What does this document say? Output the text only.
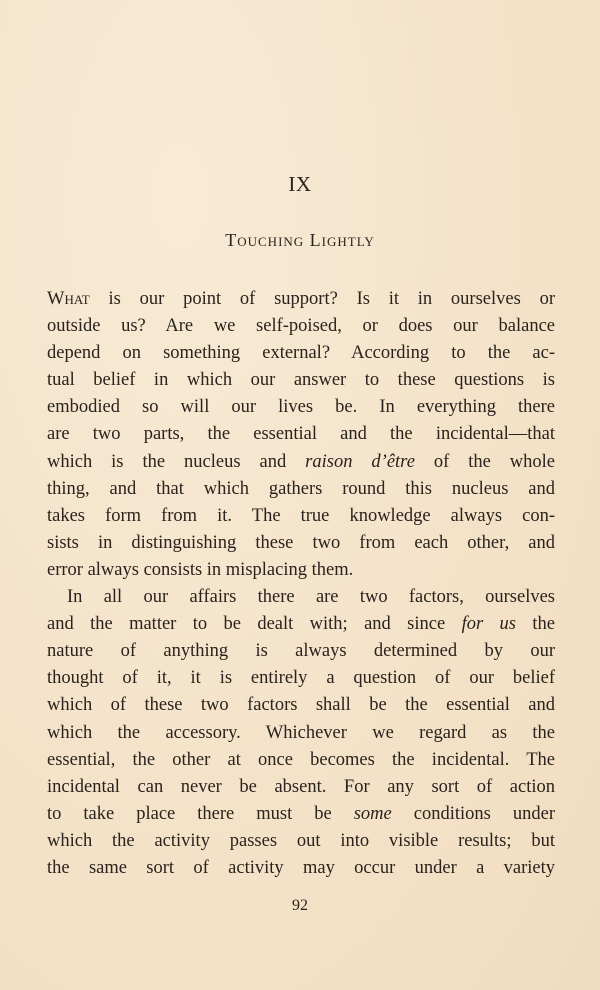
IX
Touching Lightly
What is our point of support? Is it in ourselves or
outside us? Are we self-poised, or does our balance
depend on something external? According to the ac-
tual belief in which our answer to these questions is
embodied so will our lives be. In everything there
are two parts, the essential and the incidental—that
which is the nucleus and raison d’être of the whole
thing, and that which gathers round this nucleus and
takes form from it. The true knowledge always con-
sists in distinguishing these two from each other, and
error always consists in misplacing them.
In all our affairs there are two factors, ourselves
and the matter to be dealt with; and since for us the
nature of anything is always determined by our
thought of it, it is entirely a question of our belief
which of these two factors shall be the essential and
which the accessory. Whichever we regard as the
essential, the other at once becomes the incidental. The
incidental can never be absent. For any sort of action
to take place there must be some conditions under
which the activity passes out into visible results; but
the same sort of activity may occur under a variety
92
